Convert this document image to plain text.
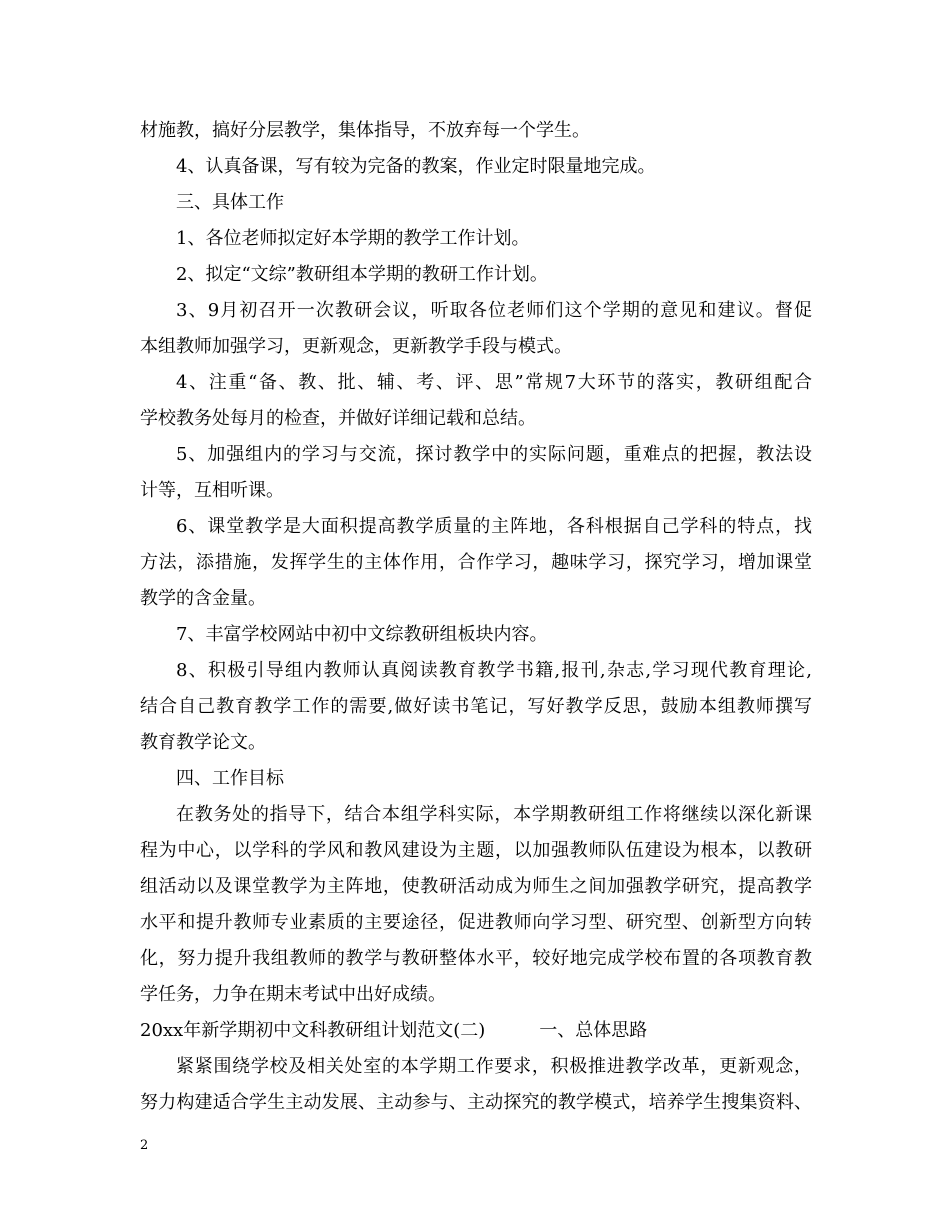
材施教，搞好分层教学，集体指导，不放弃每一个学生。
4、认真备课，写有较为完备的教案，作业定时限量地完成。
三、具体工作
1、各位老师拟定好本学期的教学工作计划。
2、拟定“文综”教研组本学期的教研工作计划。
3、9月初召开一次教研会议，听取各位老师们这个学期的意见和建议。督促
本组教师加强学习，更新观念，更新教学手段与模式。
4、注重“备、教、批、辅、考、评、思”常规7大环节的落实，教研组配合
学校教务处每月的检查，并做好详细记载和总结。
5、加强组内的学习与交流，探讨教学中的实际问题，重难点的把握，教法设
计等，互相听课。
6、课堂教学是大面积提高教学质量的主阵地，各科根据自己学科的特点，找
方法，添措施，发挥学生的主体作用，合作学习，趣味学习，探究学习，增加课堂
教学的含金量。
7、丰富学校网站中初中文综教研组板块内容。
8、积极引导组内教师认真阅读教育教学书籍,报刊,杂志,学习现代教育理论,
结合自己教育教学工作的需要,做好读书笔记，写好教学反思，鼓励本组教师撰写
教育教学论文。
四、工作目标
在教务处的指导下，结合本组学科实际，本学期教研组工作将继续以深化新课
程为中心，以学科的学风和教风建设为主题，以加强教师队伍建设为根本，以教研
组活动以及课堂教学为主阵地，使教研活动成为师生之间加强教学研究，提高教学
水平和提升教师专业素质的主要途径，促进教师向学习型、研究型、创新型方向转
化，努力提升我组教师的教学与教研整体水平，较好地完成学校布置的各项教育教
学任务，力争在期末考试中出好成绩。
20xx年新学期初中文科教研组计划范文(二)　　　一、总体思路
紧紧围绕学校及相关处室的本学期工作要求，积极推进教学改革，更新观念，
努力构建适合学生主动发展、主动参与、主动探究的教学模式，培养学生搜集资料、
2
